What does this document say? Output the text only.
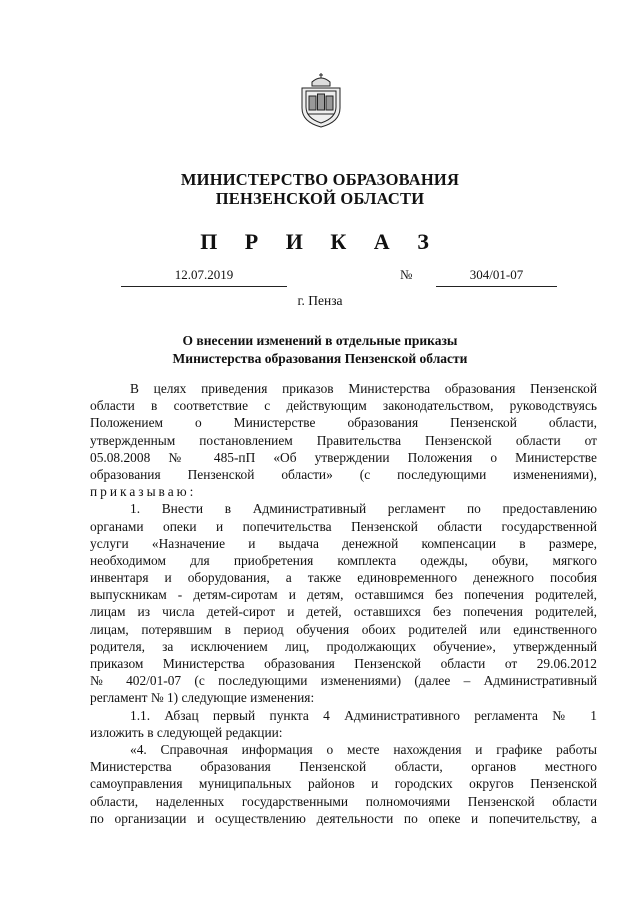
МИНИСТЕРСТВО ОБРАЗОВАНИЯ
ПЕНЗЕНСКОЙ ОБЛАСТИ
П Р И К А З
12.07.2019	№	304/01-07
г. Пенза
О внесении изменений в отдельные приказы
Министерства образования Пензенской области
В целях приведения приказов Министерства образования Пензенской
области в соответствие с действующим законодательством, руководствуясь
Положением о Министерстве образования Пензенской области,
утвержденным постановлением Правительства Пензенской области от
05.08.2008 № 485-пП «Об утверждении Положения о Министерстве
образования Пензенской области» (с последующими изменениями),
приказываю:
1. Внести в Административный регламент по предоставлению
органами опеки и попечительства Пензенской области государственной
услуги «Назначение и выдача денежной компенсации в размере,
необходимом для приобретения комплекта одежды, обуви, мягкого
инвентаря и оборудования, а также единовременного денежного пособия
выпускникам - детям-сиротам и детям, оставшимся без попечения родителей,
лицам из числа детей-сирот и детей, оставшихся без попечения родителей,
лицам, потерявшим в период обучения обоих родителей или единственного
родителя, за исключением лиц, продолжающих обучение», утвержденный
приказом Министерства образования Пензенской области от 29.06.2012
№ 402/01-07 (с последующими изменениями) (далее – Административный
регламент № 1) следующие изменения:
1.1. Абзац первый пункта 4 Административного регламента № 1
изложить в следующей редакции:
«4. Справочная информация о месте нахождения и графике работы
Министерства образования Пензенской области, органов местного
самоуправления муниципальных районов и городских округов Пензенской
области, наделенных государственными полномочиями Пензенской области
по организации и осуществлению деятельности по опеке и попечительству, а
